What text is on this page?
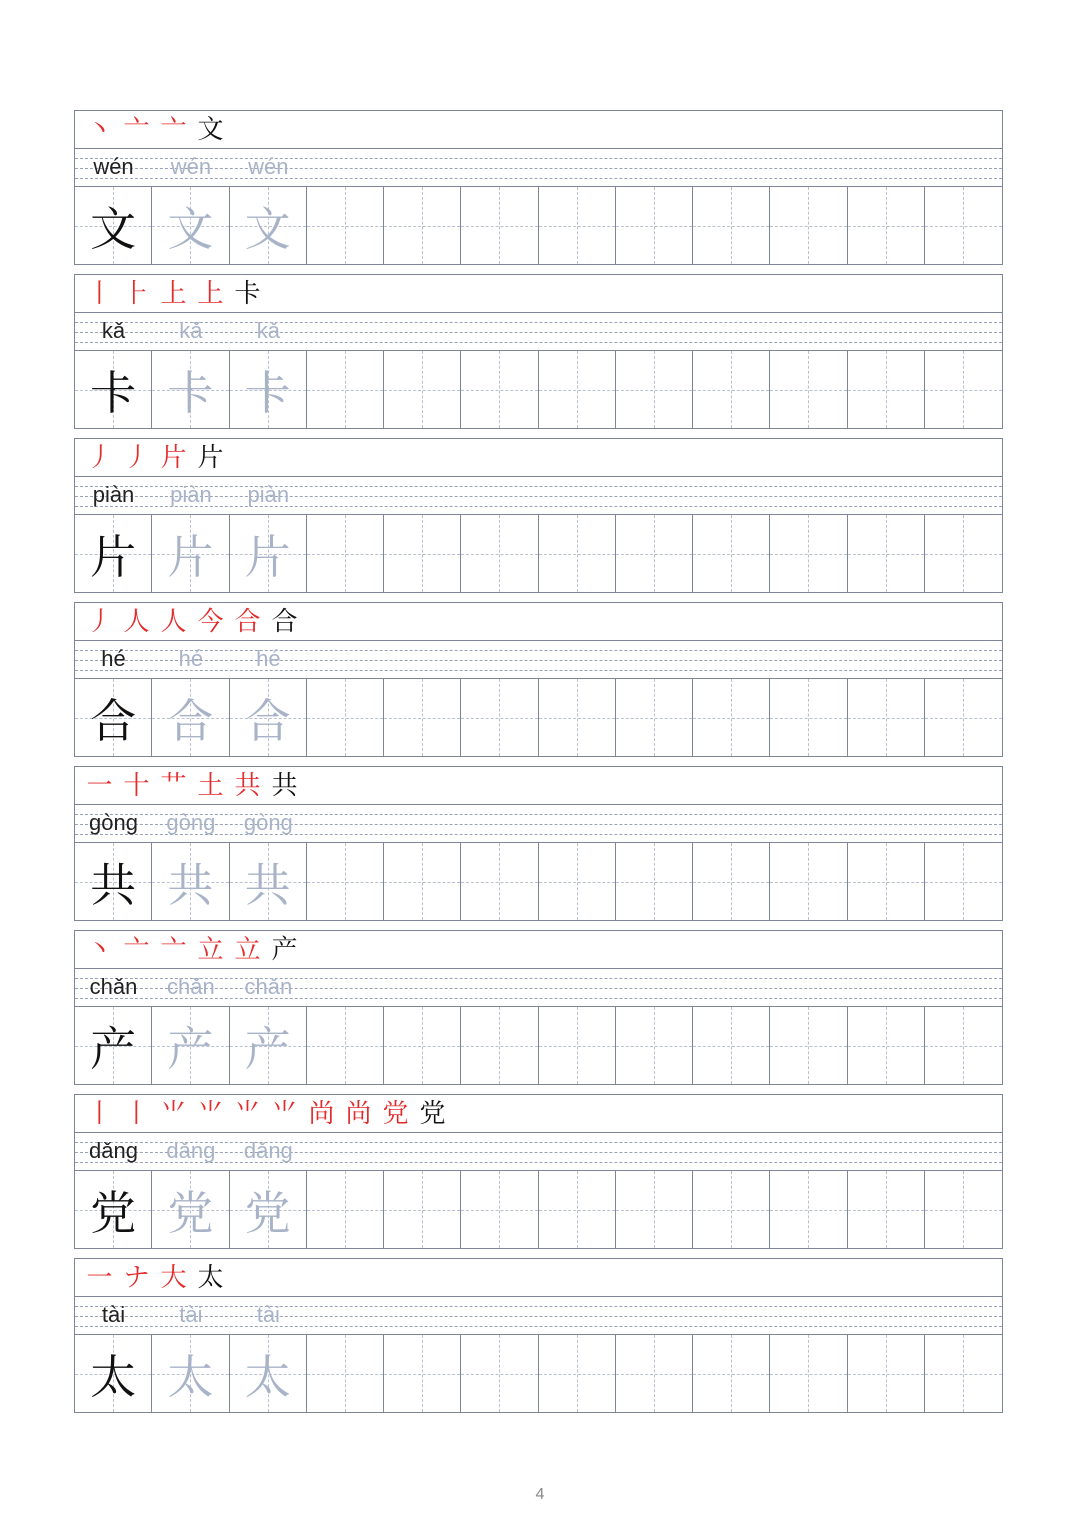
丶 亠 亠 文
wén	wén	wén
文 文 文
丨 ⺊ 上 上 卡
kǎ	kǎ	kǎ
卡 卡 卡
丿 丿 片 片
piàn	piàn	piàn
片 片 片
丿 人 人 今 合 合
hé	hé	hé
合 合 合
一 十 艹 土 共 共
gòng	gòng	gòng
共 共 共
丶 亠 亠 立 立 产
chǎn	chǎn	chǎn
产 产 产
丨 丨 ⺌ ⺌ ⺌ ⺌ 尚 尚 党 党
dǎng	dǎng	dǎng
党 党 党
一 ナ 大 太
tài	tài	tài
太 太 太
4
